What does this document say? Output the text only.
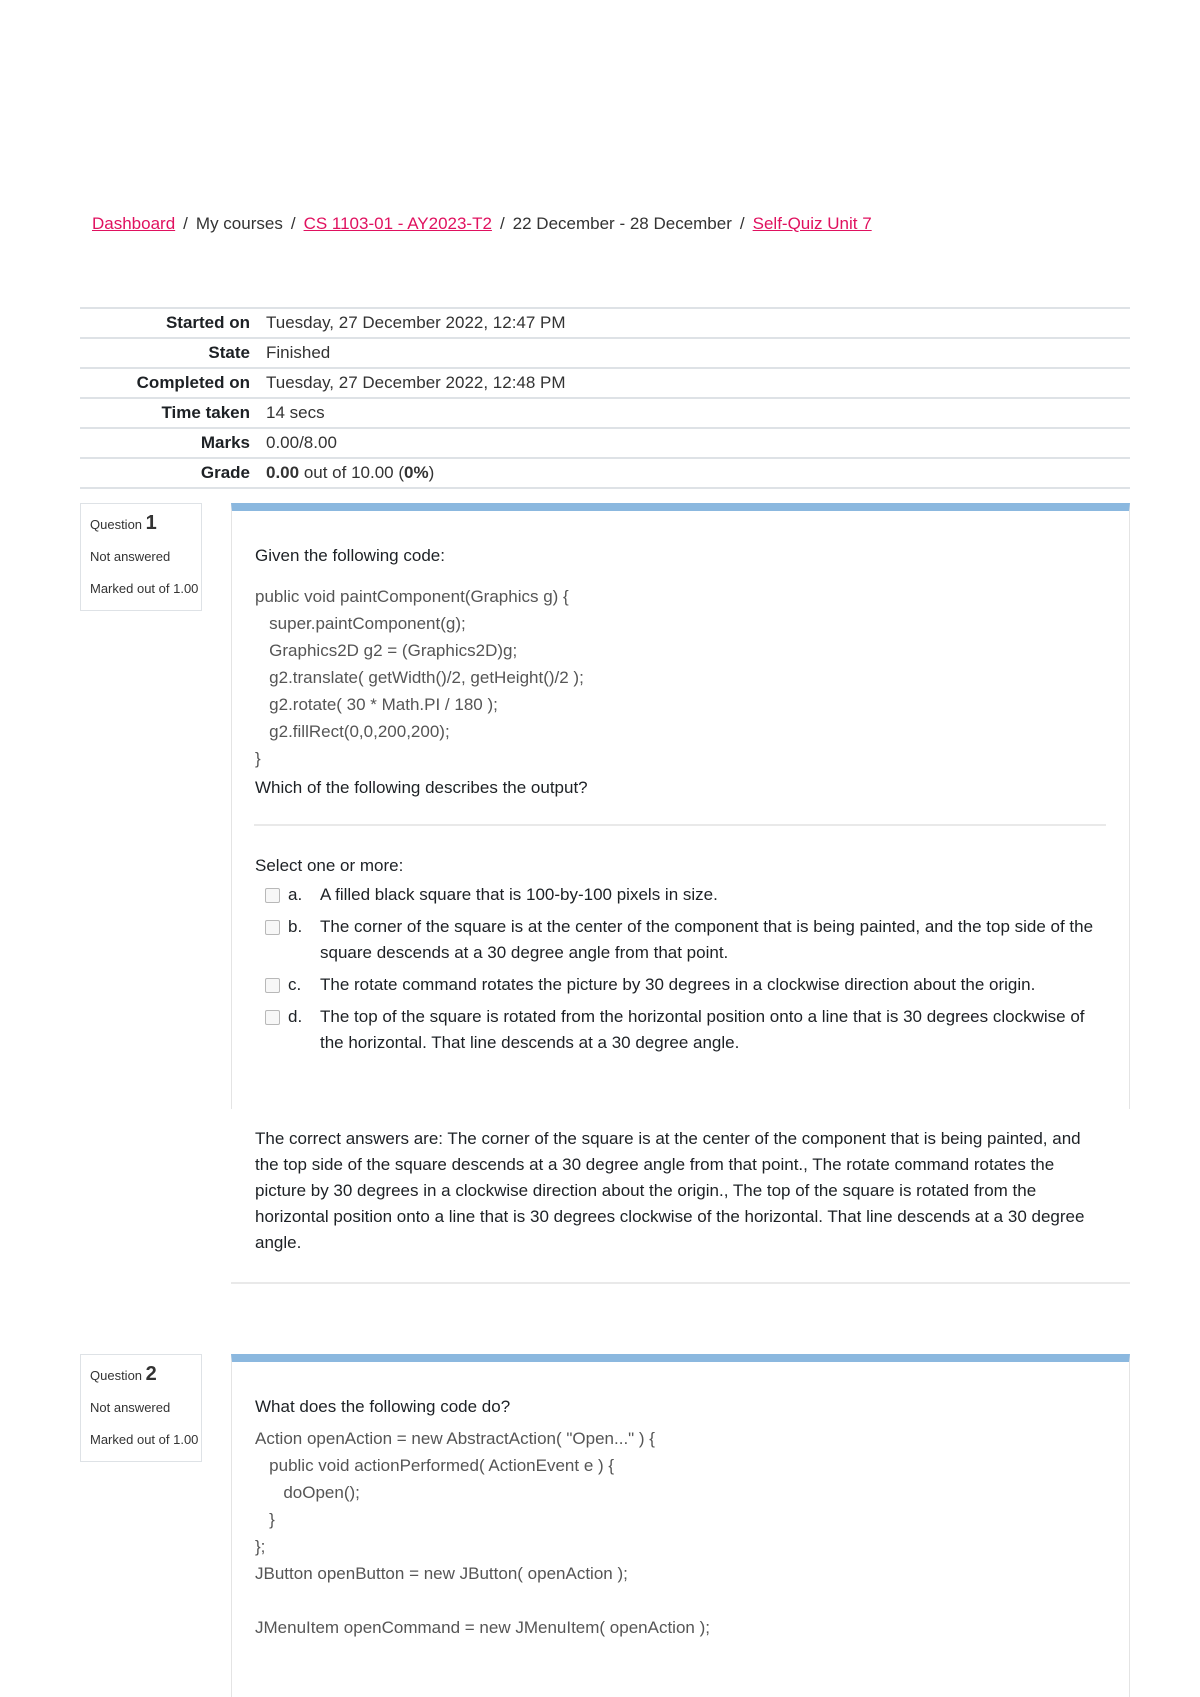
Dashboard / My courses / CS 1103-01 - AY2023-T2 / 22 December - 28 December / Self-Quiz Unit 7
Started on	Tuesday, 27 December 2022, 12:47 PM
State	Finished
Completed on	Tuesday, 27 December 2022, 12:48 PM
Time taken	14 secs
Marks	0.00/8.00
Grade	0.00 out of 10.00 (0%)
Question 1
Not answered
Marked out of 1.00
Given the following code:
public void paintComponent(Graphics g) {
super.paintComponent(g);
Graphics2D g2 = (Graphics2D)g;
g2.translate( getWidth()/2, getHeight()/2 );
g2.rotate( 30 * Math.PI / 180 );
g2.fillRect(0,0,200,200);
}
Which of the following describes the output?
Select one or more:
a. A filled black square that is 100-by-100 pixels in size.
b. The corner of the square is at the center of the component that is being painted, and the top side of the square descends at a 30 degree angle from that point.
c. The rotate command rotates the picture by 30 degrees in a clockwise direction about the origin.
d. The top of the square is rotated from the horizontal position onto a line that is 30 degrees clockwise of the horizontal. That line descends at a 30 degree angle.
The correct answers are: The corner of the square is at the center of the component that is being painted, and the top side of the square descends at a 30 degree angle from that point., The rotate command rotates the picture by 30 degrees in a clockwise direction about the origin., The top of the square is rotated from the horizontal position onto a line that is 30 degrees clockwise of the horizontal. That line descends at a 30 degree angle.
Question 2
Not answered
Marked out of 1.00
What does the following code do?
Action openAction = new AbstractAction( "Open..." ) {
public void actionPerformed( ActionEvent e ) {
doOpen();
}
};
JButton openButton = new JButton( openAction );
JMenuItem openCommand = new JMenuItem( openAction );
